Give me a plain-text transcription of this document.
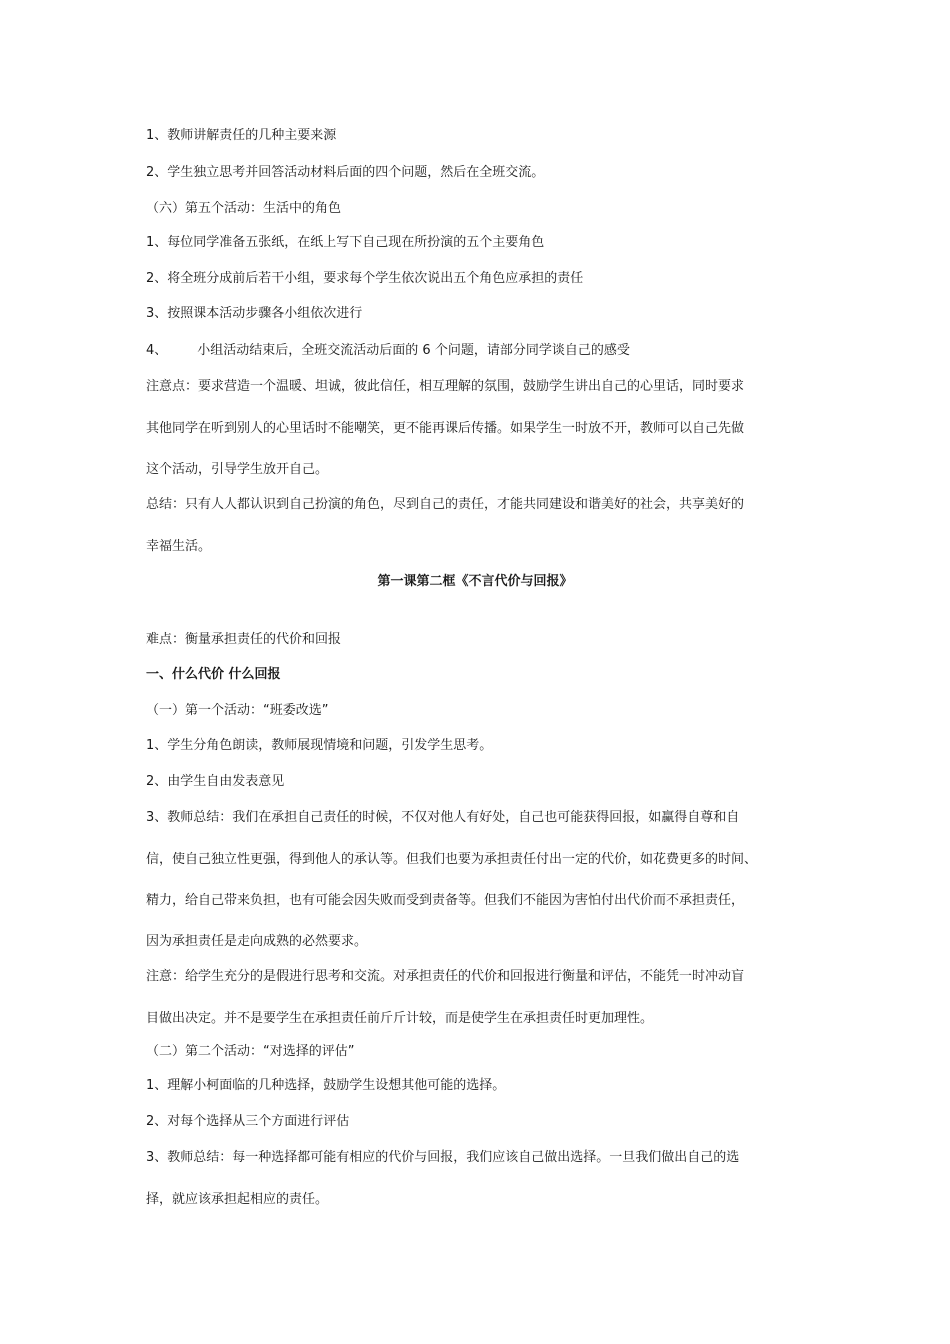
1、教师讲解责任的几种主要来源
2、学生独立思考并回答活动材料后面的四个问题，然后在全班交流。
（六）第五个活动：生活中的角色
1、每位同学准备五张纸，在纸上写下自己现在所扮演的五个主要角色
2、将全班分成前后若干小组，要求每个学生依次说出五个角色应承担的责任
3、按照课本活动步骤各小组依次进行
4、 小组活动结束后，全班交流活动后面的 6 个问题，请部分同学谈自己的感受
注意点：要求营造一个温暖、坦诚，彼此信任，相互理解的氛围，鼓励学生讲出自己的心里话，同时要求
其他同学在听到别人的心里话时不能嘲笑，更不能再课后传播。如果学生一时放不开，教师可以自己先做
这个活动，引导学生放开自己。
总结：只有人人都认识到自己扮演的角色，尽到自己的责任，才能共同建设和谐美好的社会，共享美好的
幸福生活。
第一课第二框《不言代价与回报》
难点：衡量承担责任的代价和回报
一、什么代价 什么回报
（一）第一个活动：“班委改选”
1、学生分角色朗读，教师展现情境和问题，引发学生思考。
2、由学生自由发表意见
3、教师总结：我们在承担自己责任的时候，不仅对他人有好处，自己也可能获得回报，如赢得自尊和自
信，使自己独立性更强，得到他人的承认等。但我们也要为承担责任付出一定的代价，如花费更多的时间、
精力，给自己带来负担，也有可能会因失败而受到责备等。但我们不能因为害怕付出代价而不承担责任，
因为承担责任是走向成熟的必然要求。
注意：给学生充分的是假进行思考和交流。对承担责任的代价和回报进行衡量和评估，不能凭一时冲动盲
目做出决定。并不是要学生在承担责任前斤斤计较，而是使学生在承担责任时更加理性。
（二）第二个活动：“对选择的评估”
1、理解小柯面临的几种选择，鼓励学生设想其他可能的选择。
2、对每个选择从三个方面进行评估
3、教师总结：每一种选择都可能有相应的代价与回报，我们应该自己做出选择。一旦我们做出自己的选
择，就应该承担起相应的责任。
